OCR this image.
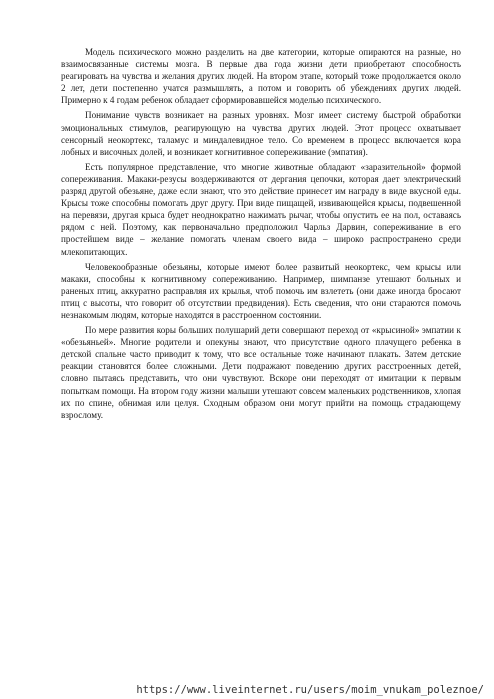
Модель психического можно разделить на две категории, которые опираются на разные, но взаимосвязанные системы мозга. В первые два года жизни дети приобретают способность реагировать на чувства и желания других людей. На втором этапе, который тоже продолжается около 2 лет, дети постепенно учатся размышлять, а потом и говорить об убеждениях других людей. Примерно к 4 годам ребенок обладает сформировавшейся моделью психического.

Понимание чувств возникает на разных уровнях. Мозг имеет систему быстрой обработки эмоциональных стимулов, реагирующую на чувства других людей. Этот процесс охватывает сенсорный неокортекс, таламус и миндалевидное тело. Со временем в процесс включается кора лобных и височных долей, и возникает когнитивное сопереживание (эмпатия).

Есть популярное представление, что многие животные обладают «заразительной» формой сопереживания. Макаки-резусы воздерживаются от дергания цепочки, которая дает электрический разряд другой обезьяне, даже если знают, что это действие принесет им награду в виде вкусной еды. Крысы тоже способны помогать друг другу. При виде пищащей, извивающейся крысы, подвешенной на перевязи, другая крыса будет неоднократно нажимать рычаг, чтобы опустить ее на пол, оставаясь рядом с ней. Поэтому, как первоначально предположил Чарльз Дарвин, сопереживание в его простейшем виде – желание помогать членам своего вида – широко распространено среди млекопитающих.

Человекообразные обезьяны, которые имеют более развитый неокортекс, чем крысы или макаки, способны к когнитивному сопереживанию. Например, шимпанзе утешают больных и раненых птиц, аккуратно расправляя их крылья, чтоб помочь им взлететь (они даже иногда бросают птиц с высоты, что говорит об отсутствии предвидения). Есть сведения, что они стараются помочь незнакомым людям, которые находятся в расстроенном состоянии.

По мере развития коры больших полушарий дети совершают переход от «крысиной» эмпатии к «обезьяньей». Многие родители и опекуны знают, что присутствие одного плачущего ребенка в детской спальне часто приводит к тому, что все остальные тоже начинают плакать. Затем детские реакции становятся более сложными. Дети подражают поведению других расстроенных детей, словно пытаясь представить, что они чувствуют. Вскоре они переходят от имитации к первым попыткам помощи. На втором году жизни малыши утешают совсем маленьких родственников, хлопая их по спине, обнимая или целуя. Сходным образом они могут прийти на помощь страдающему взрослому.

https://www.liveinternet.ru/users/moim_vnukam_poleznoe/
